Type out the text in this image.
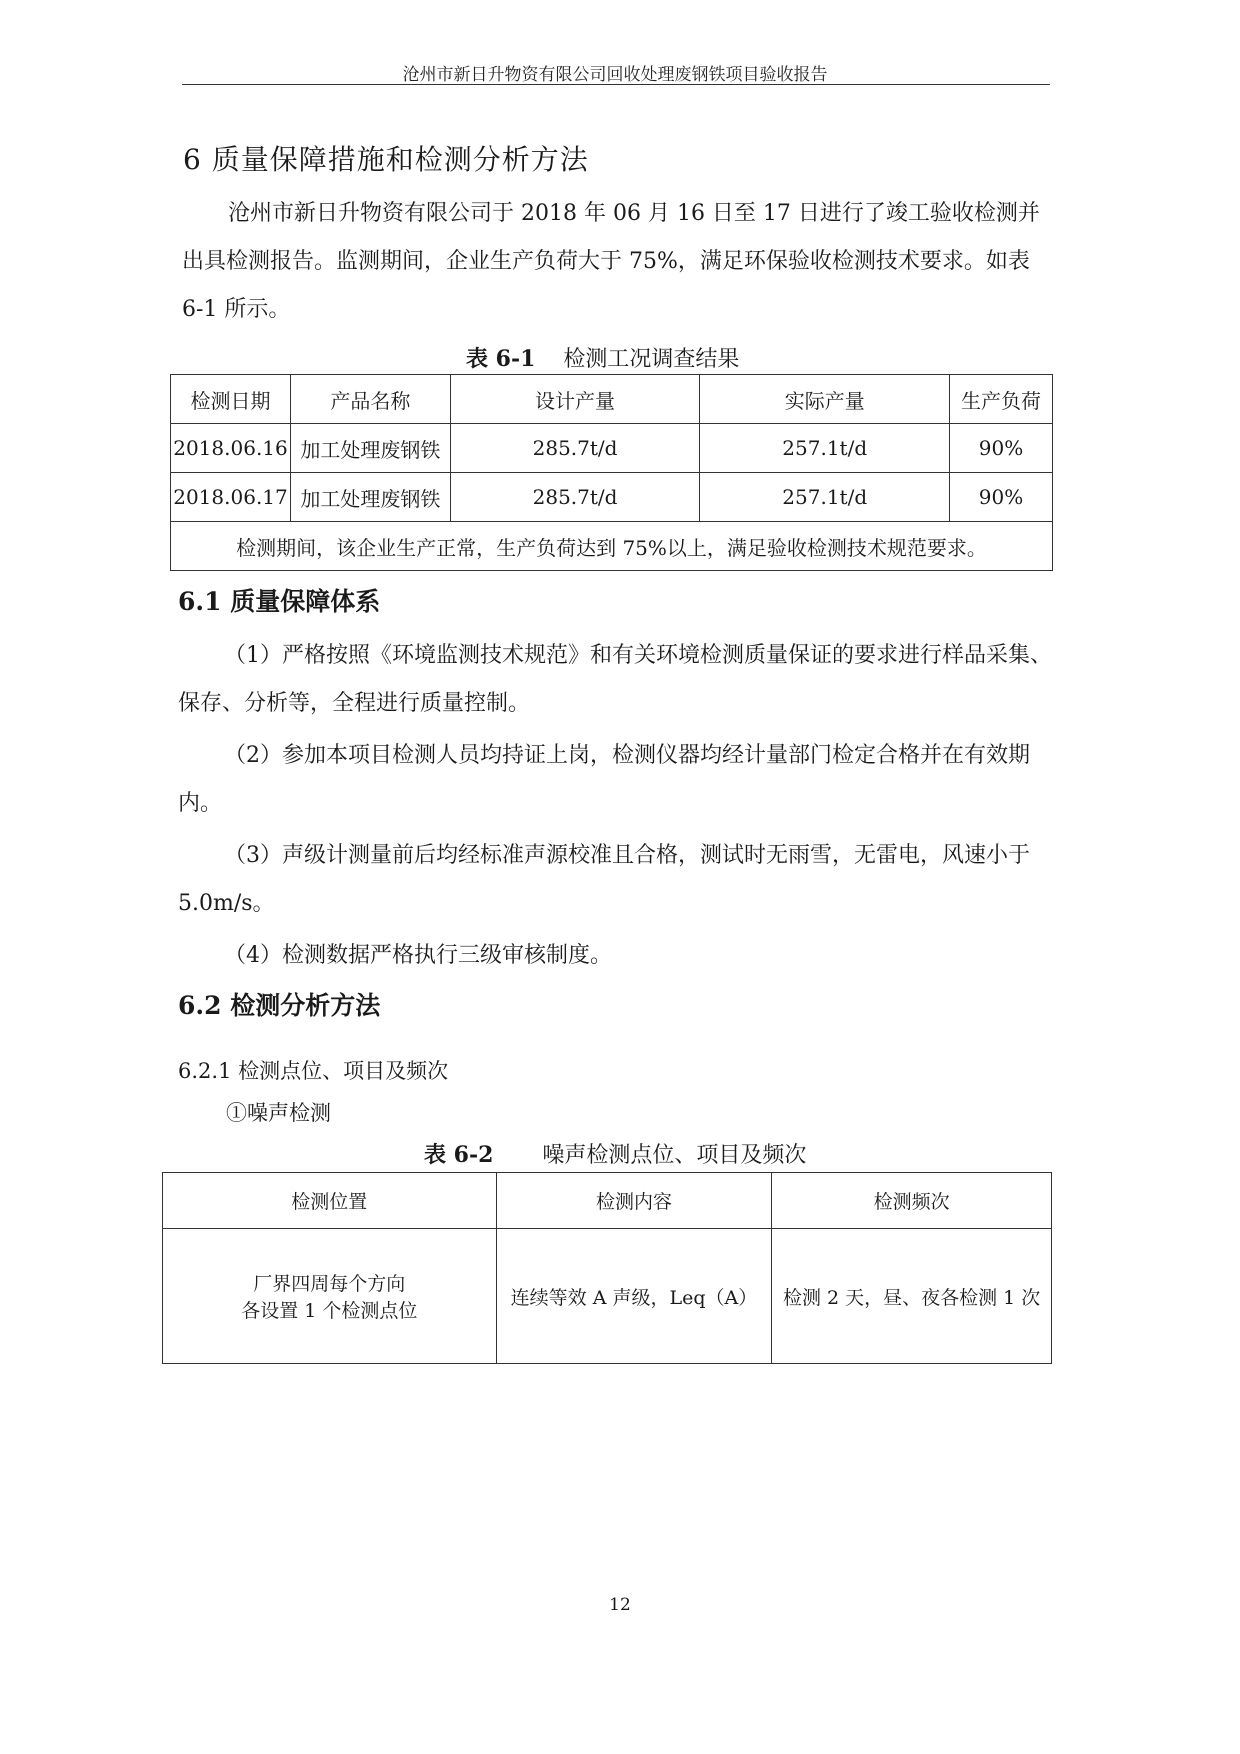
沧州市新日升物资有限公司回收处理废钢铁项目验收报告
6 质量保障措施和检测分析方法
沧州市新日升物资有限公司于 2018 年 06 月 16 日至 17 日进行了竣工验收检测并出具检测报告。监测期间，企业生产负荷大于 75%，满足环保验收检测技术要求。如表 6-1 所示。
表 6-1 检测工况调查结果
检测日期	产品名称	设计产量	实际产量	生产负荷
2018.06.16	加工处理废钢铁	285.7t/d	257.1t/d	90%
2018.06.17	加工处理废钢铁	285.7t/d	257.1t/d	90%
检测期间，该企业生产正常，生产负荷达到 75%以上，满足验收检测技术规范要求。				
6.1 质量保障体系
（1）严格按照《环境监测技术规范》和有关环境检测质量保证的要求进行样品采集、保存、分析等，全程进行质量控制。
（2）参加本项目检测人员均持证上岗，检测仪器均经计量部门检定合格并在有效期内。
（3）声级计测量前后均经标准声源校准且合格，测试时无雨雪，无雷电，风速小于 5.0m/s。
（4）检测数据严格执行三级审核制度。
6.2 检测分析方法
6.2.1 检测点位、项目及频次
①噪声检测
表 6-2 噪声检测点位、项目及频次
检测位置	检测内容	检测频次

厂界四周每个方向
各设置 1 个检测点位	连续等效 A 声级，Leq（A）	检测 2 天，昼、夜各检测 1 次
12
